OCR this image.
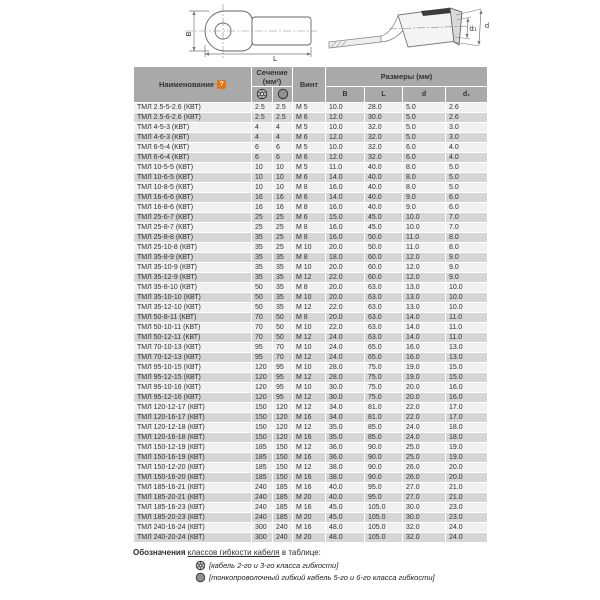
B
L
d₁ d
Наименование ?	Сечение (мм²)		Винт	Размеры (мм)			
		B	L	d	d₁
ТМЛ 2.5-5-2.6 (КВТ)	2.5	2.5	М 5	10.0	28.0	5.0	2.6
ТМЛ 2.5-6-2.6 (КВТ)	2.5	2.5	М 6	12.0	30.0	5.0	2.6
ТМЛ 4-5-3 (КВТ)	4	4	М 5	10.0	32.0	5.0	3.0
ТМЛ 4-6-3 (КВТ)	4	4	М 6	12.0	32.0	5.0	3.0
ТМЛ 6-5-4 (КВТ)	6	6	М 5	10.0	32.0	6.0	4.0
ТМЛ 6-6-4 (КВТ)	6	6	М 6	12.0	32.0	6.0	4.0
ТМЛ 10-5-5 (КВТ)	10	10	М 5	11.0	40.0	8.0	5.0
ТМЛ 10-6-5 (КВТ)	10	10	М 6	14.0	40.0	8.0	5.0
ТМЛ 10-8-5 (КВТ)	10	10	М 8	16.0	40.0	8.0	5.0
ТМЛ 16-6-6 (КВТ)	16	16	М 6	14.0	40.0	9.0	6.0
ТМЛ 16-8-6 (КВТ)	16	16	М 8	16.0	40.0	9.0	6.0
ТМЛ 25-6-7 (КВТ)	25	25	М 6	15.0	45.0	10.0	7.0
ТМЛ 25-8-7 (КВТ)	25	25	М 8	16.0	45.0	10.0	7.0
ТМЛ 25-8-8 (КВТ)	35	25	М 8	16.0	50.0	11.0	8.0
ТМЛ 25-10-8 (КВТ)	35	25	М 10	20.0	50.0	11.0	8.0
ТМЛ 35-8-9 (КВТ)	35	35	М 8	18.0	60.0	12.0	9.0
ТМЛ 35-10-9 (КВТ)	35	35	М 10	20.0	60.0	12.0	9.0
ТМЛ 35-12-9 (КВТ)	35	35	М 12	22.0	60.0	12.0	9.0
ТМЛ 35-8-10 (КВТ)	50	35	М 8	20.0	63.0	13.0	10.0
ТМЛ 35-10-10 (КВТ)	50	35	М 10	20.0	63.0	13.0	10.0
ТМЛ 35-12-10 (КВТ)	50	35	М 12	22.0	63.0	13.0	10.0
ТМЛ 50-8-11 (КВТ)	70	50	М 8	20.0	63.0	14.0	11.0
ТМЛ 50-10-11 (КВТ)	70	50	М 10	22.0	63.0	14.0	11.0
ТМЛ 50-12-11 (КВТ)	70	50	М 12	24.0	63.0	14.0	11.0
ТМЛ 70-10-13 (КВТ)	95	70	М 10	24.0	65.0	16.0	13.0
ТМЛ 70-12-13 (КВТ)	95	70	М 12	24.0	65.0	16.0	13.0
ТМЛ 95-10-15 (КВТ)	120	95	М 10	28.0	75.0	19.0	15.0
ТМЛ 95-12-15 (КВТ)	120	95	М 12	28.0	75.0	19.0	15.0
ТМЛ 95-10-16 (КВТ)	120	95	М 10	30.0	75.0	20.0	16.0
ТМЛ 95-12-16 (КВТ)	120	95	М 12	30.0	75.0	20.0	16.0
ТМЛ 120-12-17 (КВТ)	150	120	М 12	34.0	81.0	22.0	17.0
ТМЛ 120-16-17 (КВТ)	150	120	М 16	34.0	81.0	22.0	17.0
ТМЛ 120-12-18 (КВТ)	150	120	М 12	35.0	85.0	24.0	18.0
ТМЛ 120-16-18 (КВТ)	150	120	М 16	35.0	85.0	24.0	18.0
ТМЛ 150-12-19 (КВТ)	185	150	М 12	36.0	90.0	25.0	19.0
ТМЛ 150-16-19 (КВТ)	185	150	М 16	36.0	90.0	25.0	19.0
ТМЛ 150-12-20 (КВТ)	185	150	М 12	38.0	90.0	26.0	20.0
ТМЛ 150-16-20 (КВТ)	185	150	М 16	38.0	90.0	26.0	20.0
ТМЛ 185-16-21 (КВТ)	240	185	М 16	40.0	95.0	27.0	21.0
ТМЛ 185-20-21 (КВТ)	240	185	М 20	40.0	95.0	27.0	21.0
ТМЛ 185-16-23 (КВТ)	240	185	М 16	45.0	105.0	30.0	23.0
ТМЛ 185-20-23 (КВТ)	240	185	М 20	45.0	105.0	30.0	23.0
ТМЛ 240-16-24 (КВТ)	300	240	М 16	48.0	105.0	32.0	24.0
ТМЛ 240-20-24 (КВТ)	300	240	М 20	48.0	105.0	32.0	24.0

Обозначения классов гибкости кабеля в таблице:

[кабель 2-го и 3-го класса гибкости]
[тонкопроволочный гибкий кабель 5-го и 6-го класса гибкости]
